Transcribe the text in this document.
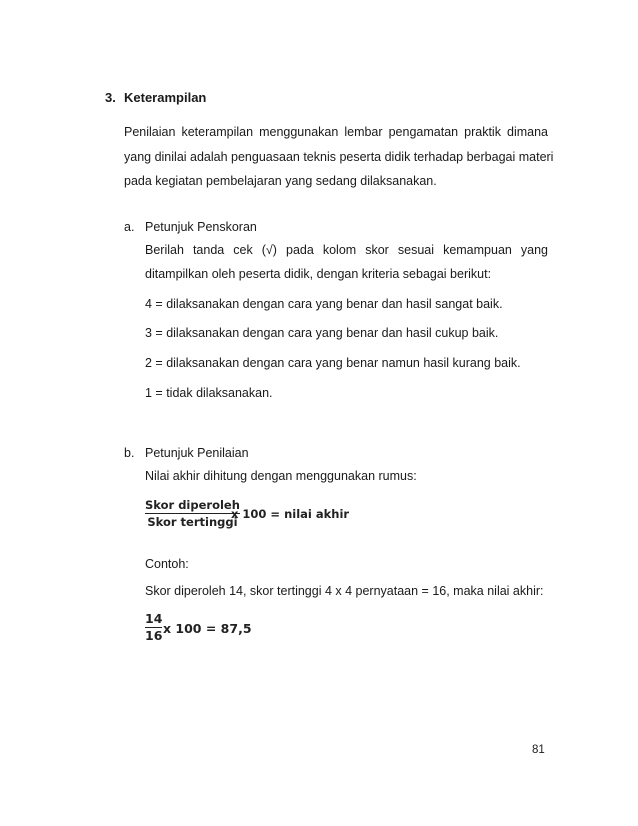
3. Keterampilan
Penilaian keterampilan menggunakan lembar pengamatan praktik dimana
yang dinilai adalah penguasaan teknis peserta didik terhadap berbagai materi
pada kegiatan pembelajaran yang sedang dilaksanakan.
a. Petunjuk Penskoran
Berilah tanda cek (√) pada kolom skor sesuai kemampuan yang
ditampilkan oleh peserta didik, dengan kriteria sebagai berikut:
4 = dilaksanakan dengan cara yang benar dan hasil sangat baik.
3 = dilaksanakan dengan cara yang benar dan hasil cukup baik.
2 = dilaksanakan dengan cara yang benar namun hasil kurang baik.
1 = tidak dilaksanakan.
b. Petunjuk Penilaian
Nilai akhir dihitung dengan menggunakan rumus:
Skor diperoleh
Skor tertinggi
x 100 = nilai akhir
Contoh:
Skor diperoleh 14, skor tertinggi 4 x 4 pernyataan = 16, maka nilai akhir:
14
16 x 100 = 87,5
81
